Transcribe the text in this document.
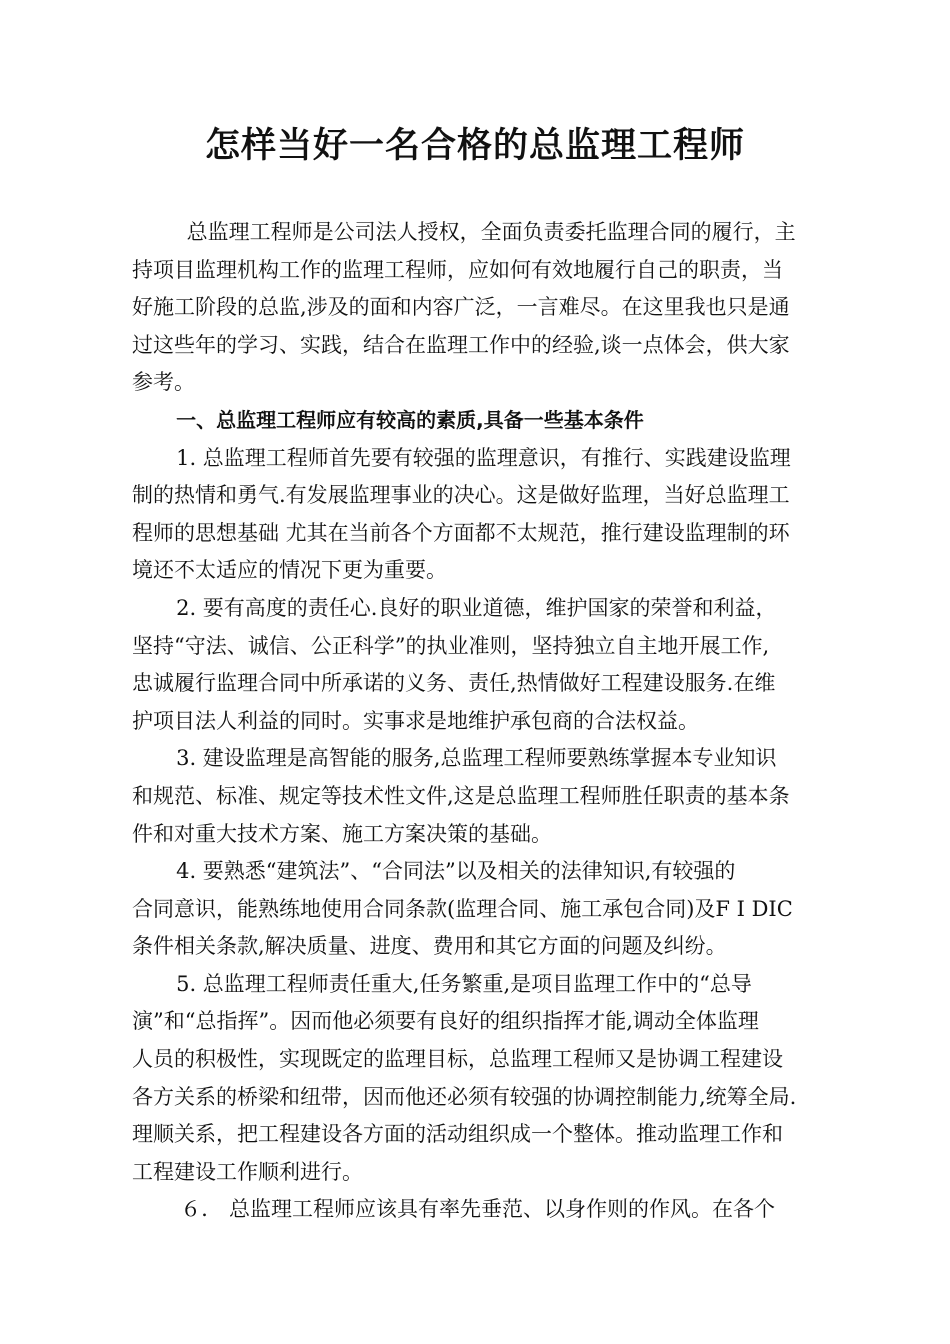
怎样当好一名合格的总监理工程师
总监理工程师是公司法人授权，全面负责委托监理合同的履行，主
持项目监理机构工作的监理工程师，应如何有效地履行自己的职责，当
好施工阶段的总监,涉及的面和内容广泛，一言难尽。在这里我也只是通
过这些年的学习、实践，结合在监理工作中的经验,谈一点体会，供大家
参考。
一、总监理工程师应有较高的素质,具备一些基本条件
1. 总监理工程师首先要有较强的监理意识，有推行、实践建设监理
制的热情和勇气.有发展监理事业的决心。这是做好监理，当好总监理工
程师的思想基础 尤其在当前各个方面都不太规范，推行建设监理制的环
境还不太适应的情况下更为重要。
2. 要有高度的责任心.良好的职业道德，维护国家的荣誉和利益，
坚持“守法、诚信、公正科学”的执业准则，坚持独立自主地开展工作,
忠诚履行监理合同中所承诺的义务、责任,热情做好工程建设服务.在维
护项目法人利益的同时。实事求是地维护承包商的合法权益。
3. 建设监理是高智能的服务,总监理工程师要熟练掌握本专业知识
和规范、标准、规定等技术性文件,这是总监理工程师胜任职责的基本条
件和对重大技术方案、施工方案决策的基础。
4. 要熟悉“建筑法”、“合同法”以及相关的法律知识,有较强的
合同意识，能熟练地使用合同条款(监理合同、施工承包合同)及F I DIC
条件相关条款,解决质量、进度、费用和其它方面的问题及纠纷。
5. 总监理工程师责任重大,任务繁重,是项目监理工作中的“总导
演”和“总指挥”。因而他必须要有良好的组织指挥才能,调动全体监理
人员的积极性，实现既定的监理目标，总监理工程师又是协调工程建设
各方关系的桥梁和纽带，因而他还必须有较强的协调控制能力,统筹全局.
理顺关系，把工程建设各方面的活动组织成一个整体。推动监理工作和
工程建设工作顺利进行。
６． 总监理工程师应该具有率先垂范、以身作则的作风。在各个
